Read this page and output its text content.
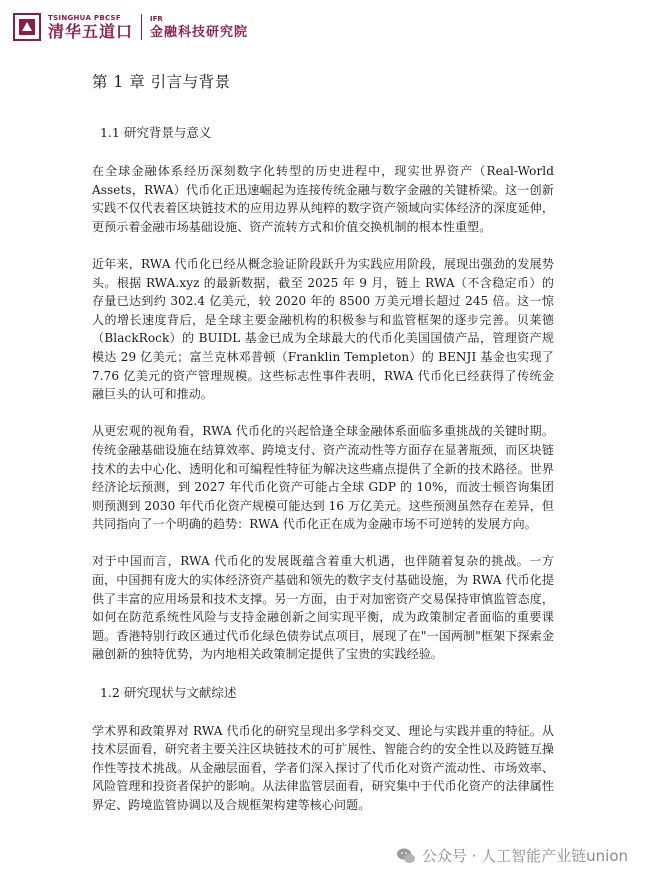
TSINGHUA PBCSF
清华五道口
IFR
金融科技研究院
第 1 章 引言与背景
1.1 研究背景与意义

在全球金融体系经历深刻数字化转型的历史进程中，现实世界资产（Real-World Assets，RWA）代币化正迅速崛起为连接传统金融与数字金融的关键桥梁。这一创新实践不仅代表着区块链技术的应用边界从纯粹的数字资产领域向实体经济的深度延伸，更预示着金融市场基础设施、资产流转方式和价值交换机制的根本性重塑。

近年来，RWA 代币化已经从概念验证阶段跃升为实践应用阶段，展现出强劲的发展势头。根据 RWA.xyz 的最新数据，截至 2025 年 9 月，链上 RWA（不含稳定币）的存量已达到约 302.4 亿美元，较 2020 年的 8500 万美元增长超过 245 倍。这一惊人的增长速度背后，是全球主要金融机构的积极参与和监管框架的逐步完善。贝莱德（BlackRock）的 BUIDL 基金已成为全球最大的代币化美国国债产品，管理资产规模达 29 亿美元；富兰克林邓普顿（Franklin Templeton）的 BENJI 基金也实现了 7.76 亿美元的资产管理规模。这些标志性事件表明，RWA 代币化已经获得了传统金融巨头的认可和推动。

从更宏观的视角看，RWA 代币化的兴起恰逢全球金融体系面临多重挑战的关键时期。传统金融基础设施在结算效率、跨境支付、资产流动性等方面存在显著瓶颈，而区块链技术的去中心化、透明化和可编程性特征为解决这些痛点提供了全新的技术路径。世界经济论坛预测，到 2027 年代币化资产可能占全球 GDP 的 10%，而波士顿咨询集团则预测到 2030 年代币化资产规模可能达到 16 万亿美元。这些预测虽然存在差异，但共同指向了一个明确的趋势：RWA 代币化正在成为金融市场不可逆转的发展方向。

对于中国而言，RWA 代币化的发展既蕴含着重大机遇，也伴随着复杂的挑战。一方面，中国拥有庞大的实体经济资产基础和领先的数字支付基础设施，为 RWA 代币化提供了丰富的应用场景和技术支撑。另一方面，由于对加密资产交易保持审慎监管态度，如何在防范系统性风险与支持金融创新之间实现平衡，成为政策制定者面临的重要课题。香港特别行政区通过代币化绿色债券试点项目，展现了在"一国两制"框架下探索金融创新的独特优势，为内地相关政策制定提供了宝贵的实践经验。

1.2 研究现状与文献综述

学术界和政策界对 RWA 代币化的研究呈现出多学科交叉、理论与实践并重的特征。从技术层面看，研究者主要关注区块链技术的可扩展性、智能合约的安全性以及跨链互操作性等技术挑战。从金融层面看，学者们深入探讨了代币化对资产流动性、市场效率、风险管理和投资者保护的影响。从法律监管层面看，研究集中于代币化资产的法律属性界定、跨境监管协调以及合规框架构建等核心问题。

公众号 · 人工智能产业链union
